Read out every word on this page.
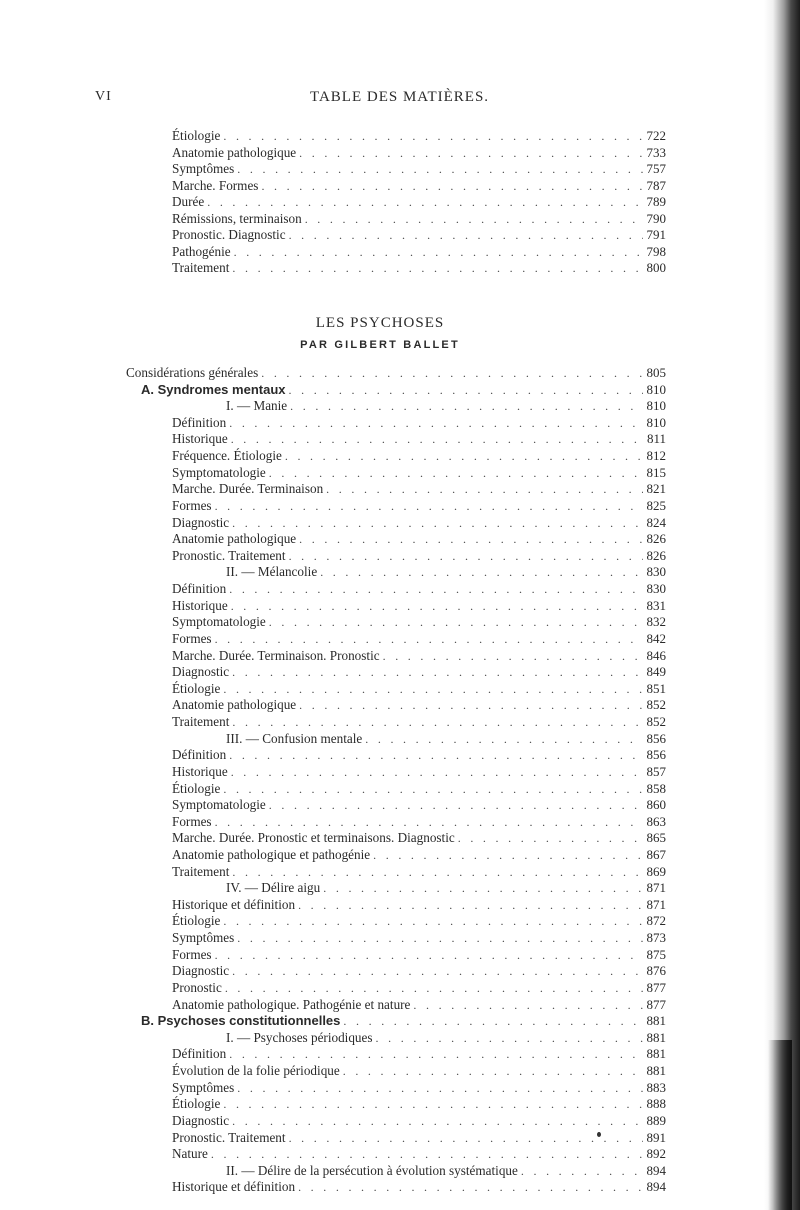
VI	TABLE DES MATIÈRES.
Étiologie . . .	722
Anatomie pathologique . . .	733
Symptômes . . .	757
Marche. Formes . . .	787
Durée . . .	789
Rémissions, terminaison . . .	790
Pronostic. Diagnostic . . .	791
Pathogénie . . .	798
Traitement . . .	800
LES PSYCHOSES
PAR GILBERT BALLET
Considérations générales . . .	805
A. Syndromes mentaux . . .	810
I. — Manie . . .	810
Définition . . .	810
Historique . . .	811
Fréquence. Étiologie . . .	812
Symptomatologie . . .	815
Marche. Durée. Terminaison . . .	821
Formes . . .	825
Diagnostic . . .	824
Anatomie pathologique . . .	826
Pronostic. Traitement . . .	826
II. — Mélancolie . . .	830
Définition . . .	830
Historique . . .	831
Symptomatologie . . .	832
Formes . . .	842
Marche. Durée. Terminaison. Pronostic . . .	846
Diagnostic . . .	849
Étiologie . . .	851
Anatomie pathologique . . .	852
Traitement . . .	852
III. — Confusion mentale . . .	856
Définition . . .	856
Historique . . .	857
Étiologie . . .	858
Symptomatologie . . .	860
Formes . . .	863
Marche. Durée. Pronostic et terminaisons. Diagnostic . . .	865
Anatomie pathologique et pathogénie . . .	867
Traitement . . .	869
IV. — Délire aigu . . .	871
Historique et définition . . .	871
Étiologie . . .	872
Symptômes . . .	873
Formes . . .	875
Diagnostic . . .	876
Pronostic . . .	877
Anatomie pathologique. Pathogénie et nature . . .	877
B. Psychoses constitutionnelles . . .	881
I. — Psychoses périodiques . . .	881
Définition . . .	881
Évolution de la folie périodique . . .	881
Symptômes . . .	883
Étiologie . . .	888
Diagnostic . . .	889
Pronostic. Traitement . . .	891
Nature . . .	892
II. — Délire de la persécution à évolution systématique . . .	894
Historique et définition . . .	894
